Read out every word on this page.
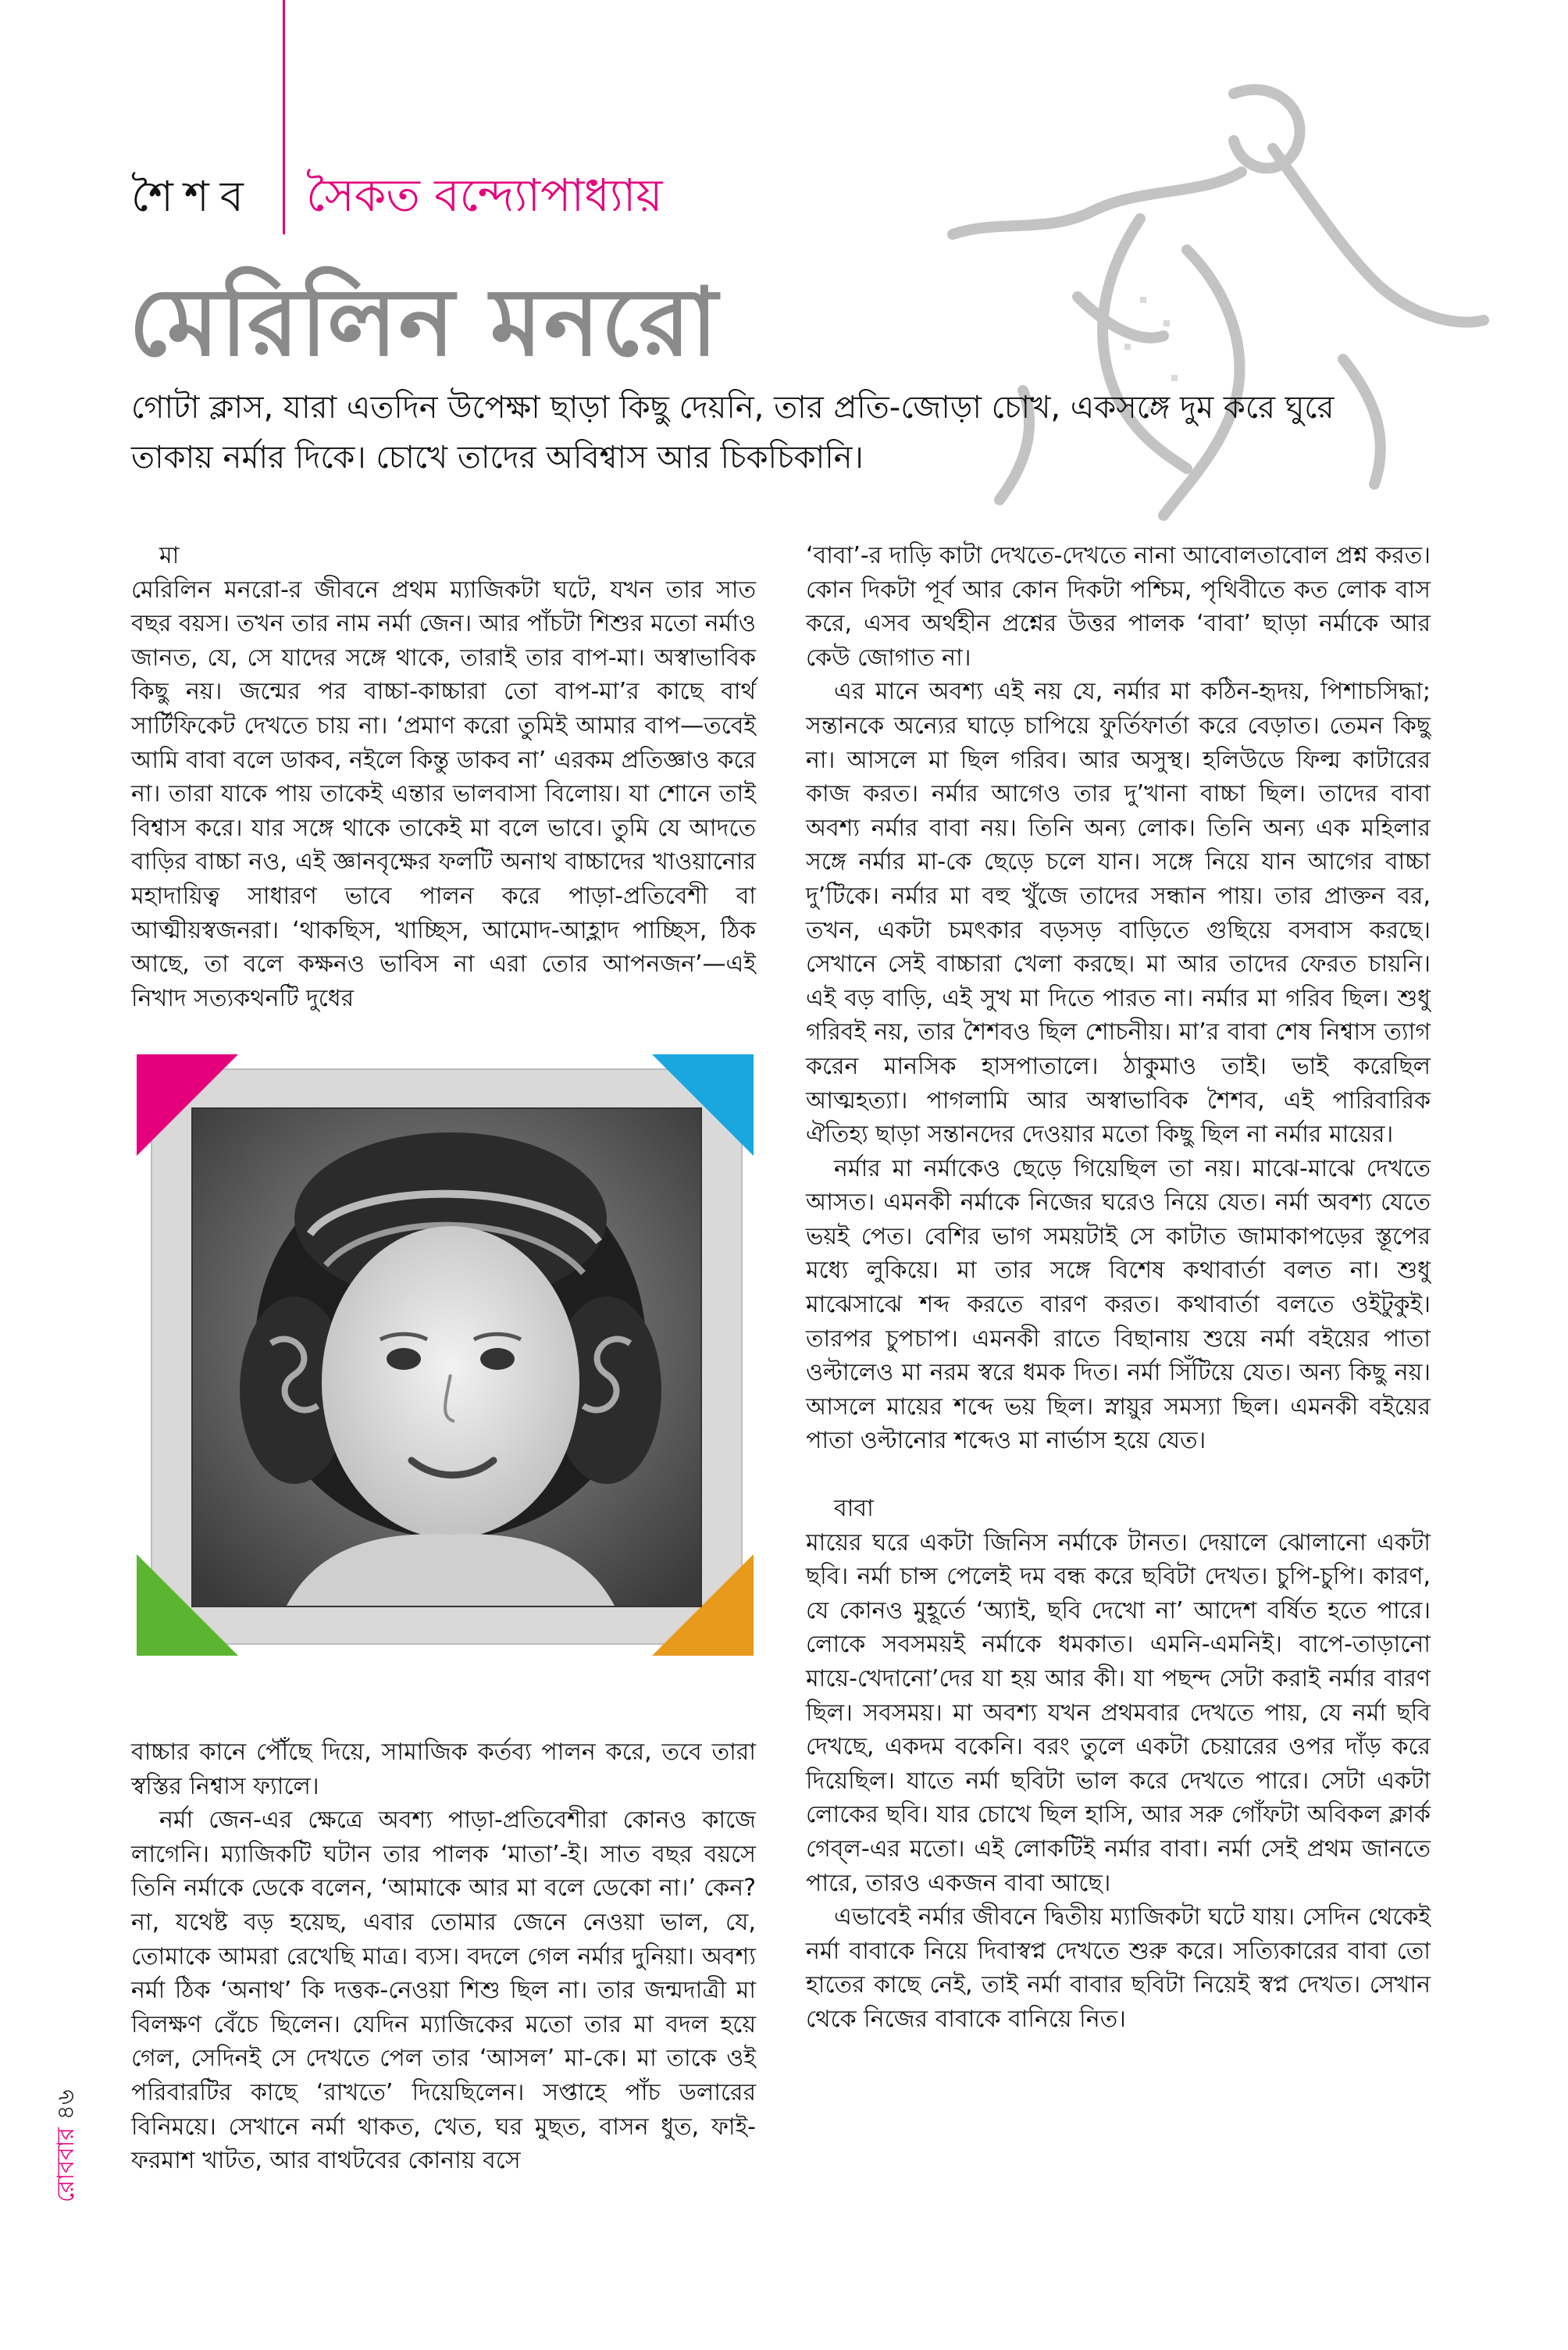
শৈশব সৈকত বন্দ্যোপাধ্যায়
মেরিলিন মনরো
গোটা ক্লাস, যারা এতদিন উপেক্ষা ছাড়া কিছু দেয়নি, তার প্রতি-জোড়া চোখ, একসঙ্গে দুম করে ঘুরে তাকায় নর্মার দিকে। চোখে তাদের অবিশ্বাস আর চিকচিকানি।

মা

মেরিলিন মনরো-র জীবনে প্রথম ম্যাজিকটা ঘটে, যখন তার সাত বছর বয়স। তখন তার নাম নর্মা জেন। আর পাঁচটা শিশুর মতো নর্মাও জানত, যে, সে যাদের সঙ্গে থাকে, তারাই তার বাপ-মা। অস্বাভাবিক কিছু নয়। জন্মের পর বাচ্চা-কাচ্চারা তো বাপ-মা’র কাছে বার্থ সার্টিফিকেট দেখতে চায় না। ‘প্রমাণ করো তুমিই আমার বাপ—তবেই আমি বাবা বলে ডাকব, নইলে কিন্তু ডাকব না’ এরকম প্রতিজ্ঞাও করে না। তারা যাকে পায় তাকেই এন্তার ভালবাসা বিলোয়। যা শোনে তাই বিশ্বাস করে। যার সঙ্গে থাকে তাকেই মা বলে ভাবে। তুমি যে আদতে বাড়ির বাচ্চা নও, এই জ্ঞানবৃক্ষের ফলটি অনাথ বাচ্চাদের খাওয়ানোর মহাদায়িত্ব সাধারণ ভাবে পালন করে পাড়া-প্রতিবেশী বা আত্মীয়স্বজনরা। ‘থাকছিস, খাচ্ছিস, আমোদ-আহ্লাদ পাচ্ছিস, ঠিক আছে, তা বলে কক্ষনও ভাবিস না এরা তোর আপনজন’—এই নিখাদ সত্যকথনটি দুধের

বাচ্চার কানে পৌঁছে দিয়ে, সামাজিক কর্তব্য পালন করে, তবে তারা স্বস্তির নিশ্বাস ফ্যালে।

নর্মা জেন-এর ক্ষেত্রে অবশ্য পাড়া-প্রতিবেশীরা কোনও কাজে লাগেনি। ম্যাজিকটি ঘটান তার পালক ‘মাতা’-ই। সাত বছর বয়সে তিনি নর্মাকে ডেকে বলেন, ‘আমাকে আর মা বলে ডেকো না।’ কেন? না, যথেষ্ট বড় হয়েছ, এবার তোমার জেনে নেওয়া ভাল, যে, তোমাকে আমরা রেখেছি মাত্র। ব্যস। বদলে গেল নর্মার দুনিয়া। অবশ্য নর্মা ঠিক ‘অনাথ’ কি দত্তক-নেওয়া শিশু ছিল না। তার জন্মদাত্রী মা বিলক্ষণ বেঁচে ছিলেন। যেদিন ম্যাজিকের মতো তার মা বদল হয়ে গেল, সেদিনই সে দেখতে পেল তার ‘আসল’ মা-কে। মা তাকে ওই পরিবারটির কাছে ‘রাখতে’ দিয়েছিলেন। সপ্তাহে পাঁচ ডলারের বিনিময়ে। সেখানে নর্মা থাকত, খেত, ঘর মুছত, বাসন ধুত, ফাই-ফরমাশ খাটত, আর বাথটবের কোনায় বসে

‘বাবা’-র দাড়ি কাটা দেখতে-দেখতে নানা আবোলতাবোল প্রশ্ন করত। কোন দিকটা পূর্ব আর কোন দিকটা পশ্চিম, পৃথিবীতে কত লোক বাস করে, এসব অর্থহীন প্রশ্নের উত্তর পালক ‘বাবা’ ছাড়া নর্মাকে আর কেউ জোগাত না।

এর মানে অবশ্য এই নয় যে, নর্মার মা কঠিন-হৃদয়, পিশাচসিদ্ধা; সন্তানকে অন্যের ঘাড়ে চাপিয়ে ফুর্তিফার্তা করে বেড়াত। তেমন কিছু না। আসলে মা ছিল গরিব। আর অসুস্থ। হলিউডে ফিল্ম কাটারের কাজ করত। নর্মার আগেও তার দু’খানা বাচ্চা ছিল। তাদের বাবা অবশ্য নর্মার বাবা নয়। তিনি অন্য লোক। তিনি অন্য এক মহিলার সঙ্গে নর্মার মা-কে ছেড়ে চলে যান। সঙ্গে নিয়ে যান আগের বাচ্চা দু’টিকে। নর্মার মা বহু খুঁজে তাদের সন্ধান পায়। তার প্রাক্তন বর, তখন, একটা চমৎকার বড়সড় বাড়িতে গুছিয়ে বসবাস করছে। সেখানে সেই বাচ্চারা খেলা করছে। মা আর তাদের ফেরত চায়নি। এই বড় বাড়ি, এই সুখ মা দিতে পারত না। নর্মার মা গরিব ছিল। শুধু গরিবই নয়, তার শৈশবও ছিল শোচনীয়। মা’র বাবা শেষ নিশ্বাস ত্যাগ করেন মানসিক হাসপাতালে। ঠাকুমাও তাই। ভাই করেছিল আত্মহত্যা। পাগলামি আর অস্বাভাবিক শৈশব, এই পারিবারিক ঐতিহ্য ছাড়া সন্তানদের দেওয়ার মতো কিছু ছিল না নর্মার মায়ের।

নর্মার মা নর্মাকেও ছেড়ে গিয়েছিল তা নয়। মাঝে-মাঝে দেখতে আসত। এমনকী নর্মাকে নিজের ঘরেও নিয়ে যেত। নর্মা অবশ্য যেতে ভয়ই পেত। বেশির ভাগ সময়টাই সে কাটাত জামাকাপড়ের স্তূপের মধ্যে লুকিয়ে। মা তার সঙ্গে বিশেষ কথাবার্তা বলত না। শুধু মাঝেসাঝে শব্দ করতে বারণ করত। কথাবার্তা বলতে ওইটুকুই। তারপর চুপচাপ। এমনকী রাতে বিছানায় শুয়ে নর্মা বইয়ের পাতা ওল্টালেও মা নরম স্বরে ধমক দিত। নর্মা সিঁটিয়ে যেত। অন্য কিছু নয়। আসলে মায়ের শব্দে ভয় ছিল। স্নায়ুর সমস্যা ছিল। এমনকী বইয়ের পাতা ওল্টানোর শব্দেও মা নার্ভাস হয়ে যেত।

বাবা

মায়ের ঘরে একটা জিনিস নর্মাকে টানত। দেয়ালে ঝোলানো একটা ছবি। নর্মা চান্স পেলেই দম বন্ধ করে ছবিটা দেখত। চুপি-চুপি। কারণ, যে কোনও মুহূর্তে ‘অ্যাই, ছবি দেখো না’ আদেশ বর্ষিত হতে পারে। লোকে সবসময়ই নর্মাকে ধমকাত। এমনি-এমনিই। বাপে-তাড়ানো মায়ে-খেদানো’দের যা হয় আর কী। যা পছন্দ সেটা করাই নর্মার বারণ ছিল। সবসময়। মা অবশ্য যখন প্রথমবার দেখতে পায়, যে নর্মা ছবি দেখছে, একদম বকেনি। বরং তুলে একটা চেয়ারের ওপর দাঁড় করে দিয়েছিল। যাতে নর্মা ছবিটা ভাল করে দেখতে পারে। সেটা একটা লোকের ছবি। যার চোখে ছিল হাসি, আর সরু গোঁফটা অবিকল ক্লার্ক গেব্‌ল-এর মতো। এই লোকটিই নর্মার বাবা। নর্মা সেই প্রথম জানতে পারে, তারও একজন বাবা আছে।

এভাবেই নর্মার জীবনে দ্বিতীয় ম্যাজিকটা ঘটে যায়। সেদিন থেকেই নর্মা বাবাকে নিয়ে দিবাস্বপ্ন দেখতে শুরু করে। সত্যিকারের বাবা তো হাতের কাছে নেই, তাই নর্মা বাবার ছবিটা নিয়েই স্বপ্ন দেখত। সেখান থেকে নিজের বাবাকে বানিয়ে নিত।

রোববার ৪৬
